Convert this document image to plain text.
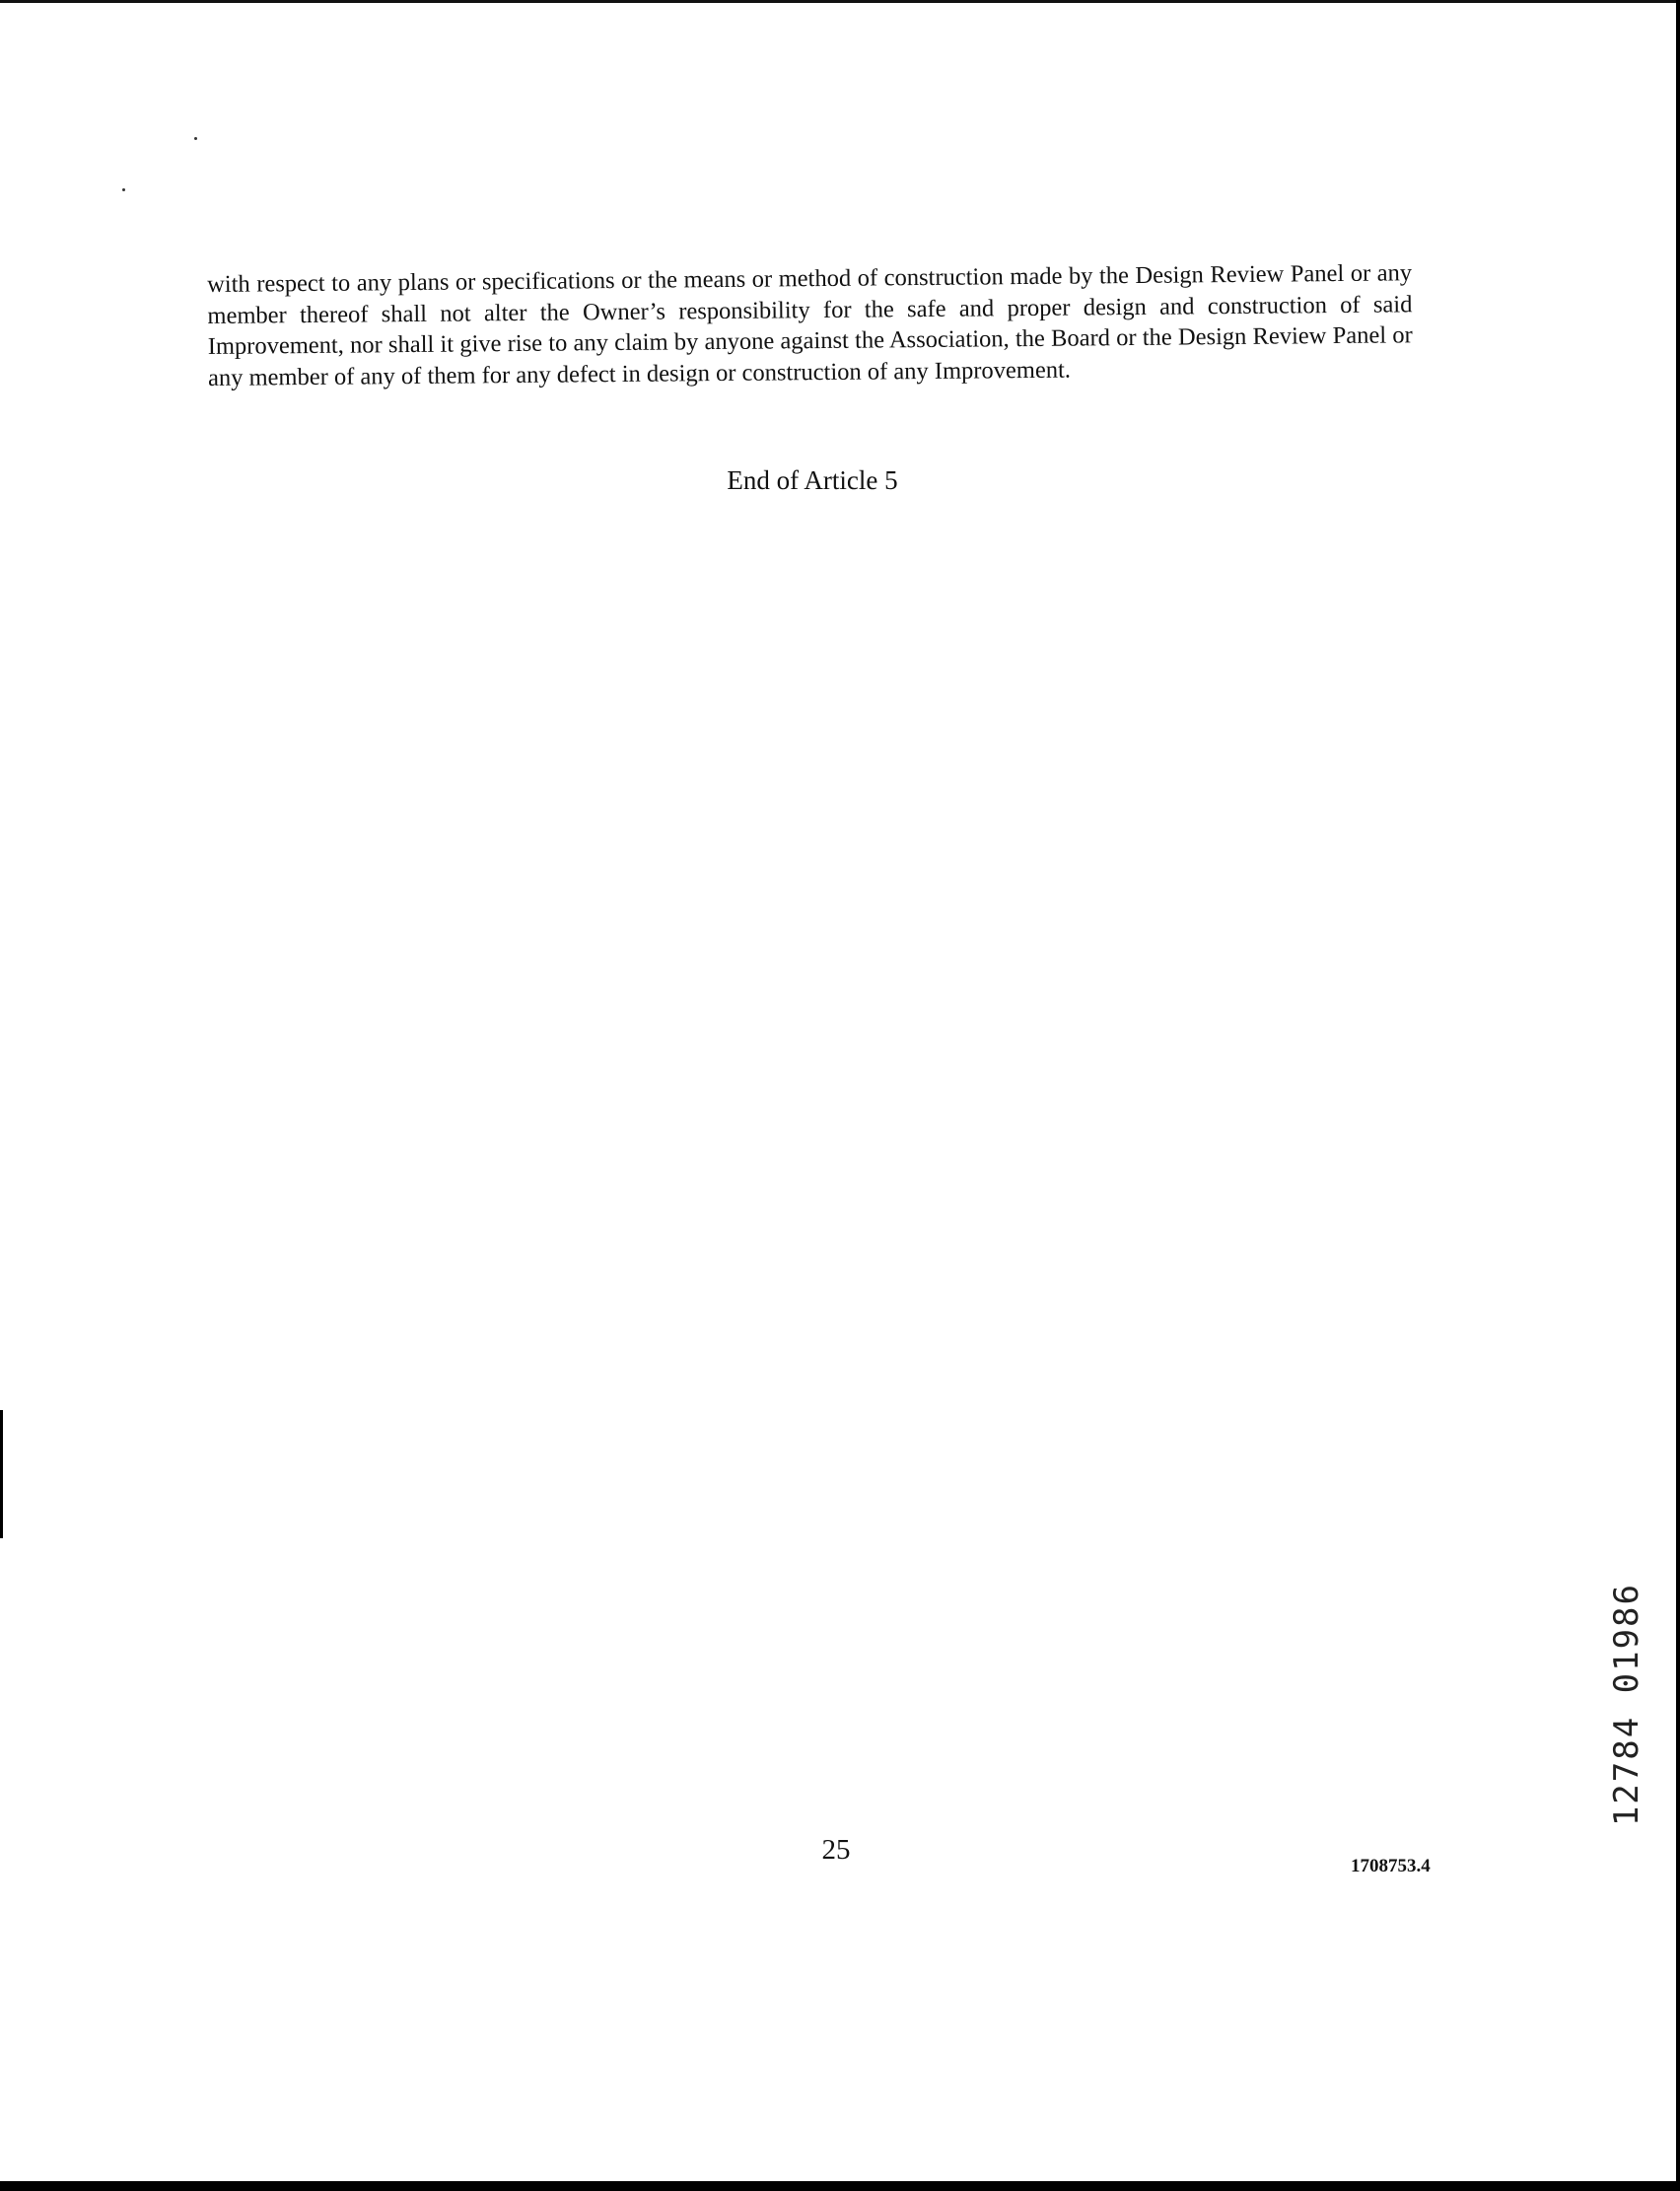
with respect to any plans or specifications or the means or method of construction made by the Design Review Panel or any member thereof shall not alter the Owner’s responsibility for the safe and proper design and construction of said Improvement, nor shall it give rise to any claim by anyone against the Association, the Board or the Design Review Panel or any member of any of them for any defect in design or construction of any Improvement.

End of Article 5
25
1708753.4
12784 01986
